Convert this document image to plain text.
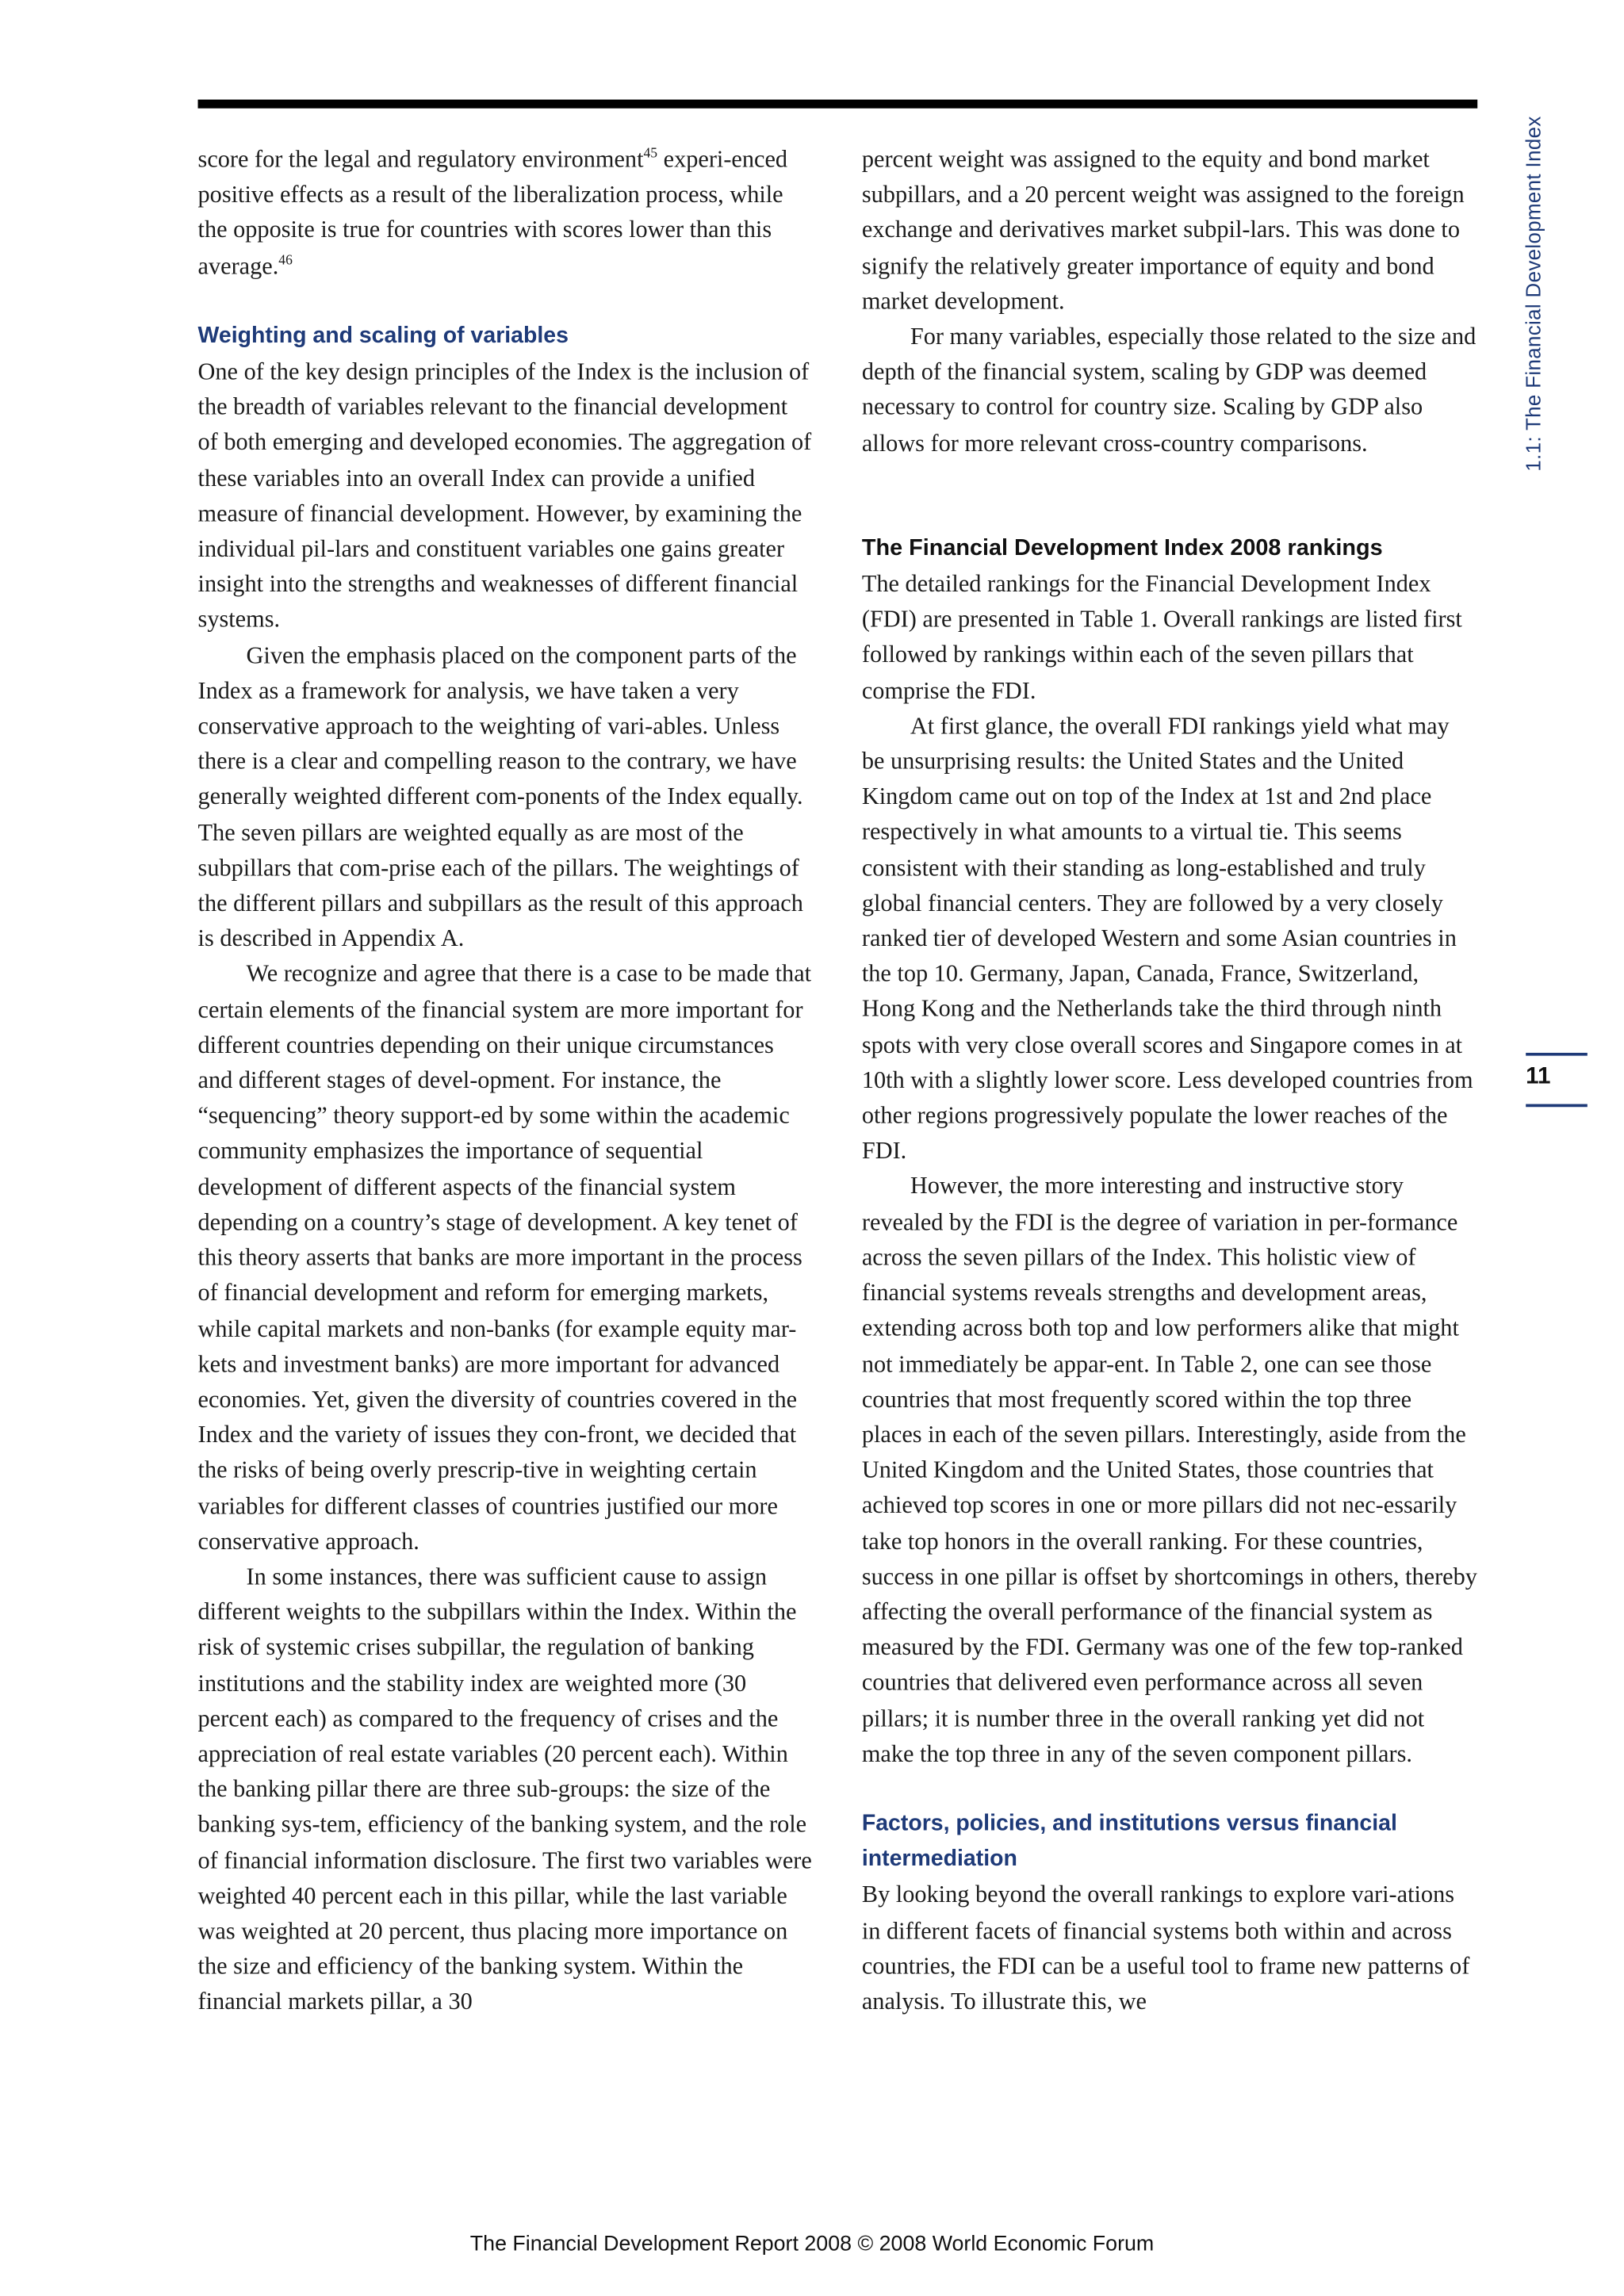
score for the legal and regulatory environment$^{45}$ experi-enced positive effects as a result of the liberalization process, while the opposite is true for countries with scores lower than this average.$^{46}$

Weighting and scaling of variables

One of the key design principles of the Index is the inclusion of the breadth of variables relevant to the financial development of both emerging and developed economies. The aggregation of these variables into an overall Index can provide a unified measure of financial development. However, by examining the individual pil-lars and constituent variables one gains greater insight into the strengths and weaknesses of different financial systems.

Given the emphasis placed on the component parts of the Index as a framework for analysis, we have taken a very conservative approach to the weighting of vari-ables. Unless there is a clear and compelling reason to the contrary, we have generally weighted different com-ponents of the Index equally. The seven pillars are weighted equally as are most of the subpillars that com-prise each of the pillars. The weightings of the different pillars and subpillars as the result of this approach is described in Appendix A.

We recognize and agree that there is a case to be made that certain elements of the financial system are more important for different countries depending on their unique circumstances and different stages of devel-opment. For instance, the “sequencing” theory support-ed by some within the academic community emphasizes the importance of sequential development of different aspects of the financial system depending on a country’s stage of development. A key tenet of this theory asserts that banks are more important in the process of financial development and reform for emerging markets, while capital markets and non-banks (for example equity mar-kets and investment banks) are more important for advanced economies. Yet, given the diversity of countries covered in the Index and the variety of issues they con-front, we decided that the risks of being overly prescrip-tive in weighting certain variables for different classes of countries justified our more conservative approach.

In some instances, there was sufficient cause to assign different weights to the subpillars within the Index. Within the risk of systemic crises subpillar, the regulation of banking institutions and the stability index are weighted more (30 percent each) as compared to the frequency of crises and the appreciation of real estate variables (20 percent each). Within the banking pillar there are three sub-groups: the size of the banking sys-tem, efficiency of the banking system, and the role of financial information disclosure. The first two variables were weighted 40 percent each in this pillar, while the last variable was weighted at 20 percent, thus placing more importance on the size and efficiency of the banking system. Within the financial markets pillar, a 30

percent weight was assigned to the equity and bond market subpillars, and a 20 percent weight was assigned to the foreign exchange and derivatives market subpil-lars. This was done to signify the relatively greater importance of equity and bond market development.

For many variables, especially those related to the size and depth of the financial system, scaling by GDP was deemed necessary to control for country size. Scaling by GDP also allows for more relevant cross-country comparisons.

The Financial Development Index 2008 rankings

The detailed rankings for the Financial Development Index (FDI) are presented in Table 1. Overall rankings are listed first followed by rankings within each of the seven pillars that comprise the FDI.

At first glance, the overall FDI rankings yield what may be unsurprising results: the United States and the United Kingdom came out on top of the Index at 1st and 2nd place respectively in what amounts to a virtual tie. This seems consistent with their standing as long-established and truly global financial centers. They are followed by a very closely ranked tier of developed Western and some Asian countries in the top 10. Germany, Japan, Canada, France, Switzerland, Hong Kong and the Netherlands take the third through ninth spots with very close overall scores and Singapore comes in at 10th with a slightly lower score. Less developed countries from other regions progressively populate the lower reaches of the FDI.

However, the more interesting and instructive story revealed by the FDI is the degree of variation in per-formance across the seven pillars of the Index. This holistic view of financial systems reveals strengths and development areas, extending across both top and low performers alike that might not immediately be appar-ent. In Table 2, one can see those countries that most frequently scored within the top three places in each of the seven pillars. Interestingly, aside from the United Kingdom and the United States, those countries that achieved top scores in one or more pillars did not nec-essarily take top honors in the overall ranking. For these countries, success in one pillar is offset by shortcomings in others, thereby affecting the overall performance of the financial system as measured by the FDI. Germany was one of the few top-ranked countries that delivered even performance across all seven pillars; it is number three in the overall ranking yet did not make the top three in any of the seven component pillars.

Factors, policies, and institutions versus financial intermediation

By looking beyond the overall rankings to explore vari-ations in different facets of financial systems both within and across countries, the FDI can be a useful tool to frame new patterns of analysis. To illustrate this, we

1.1: The Financial Development Index
11
The Financial Development Report 2008 © 2008 World Economic Forum
